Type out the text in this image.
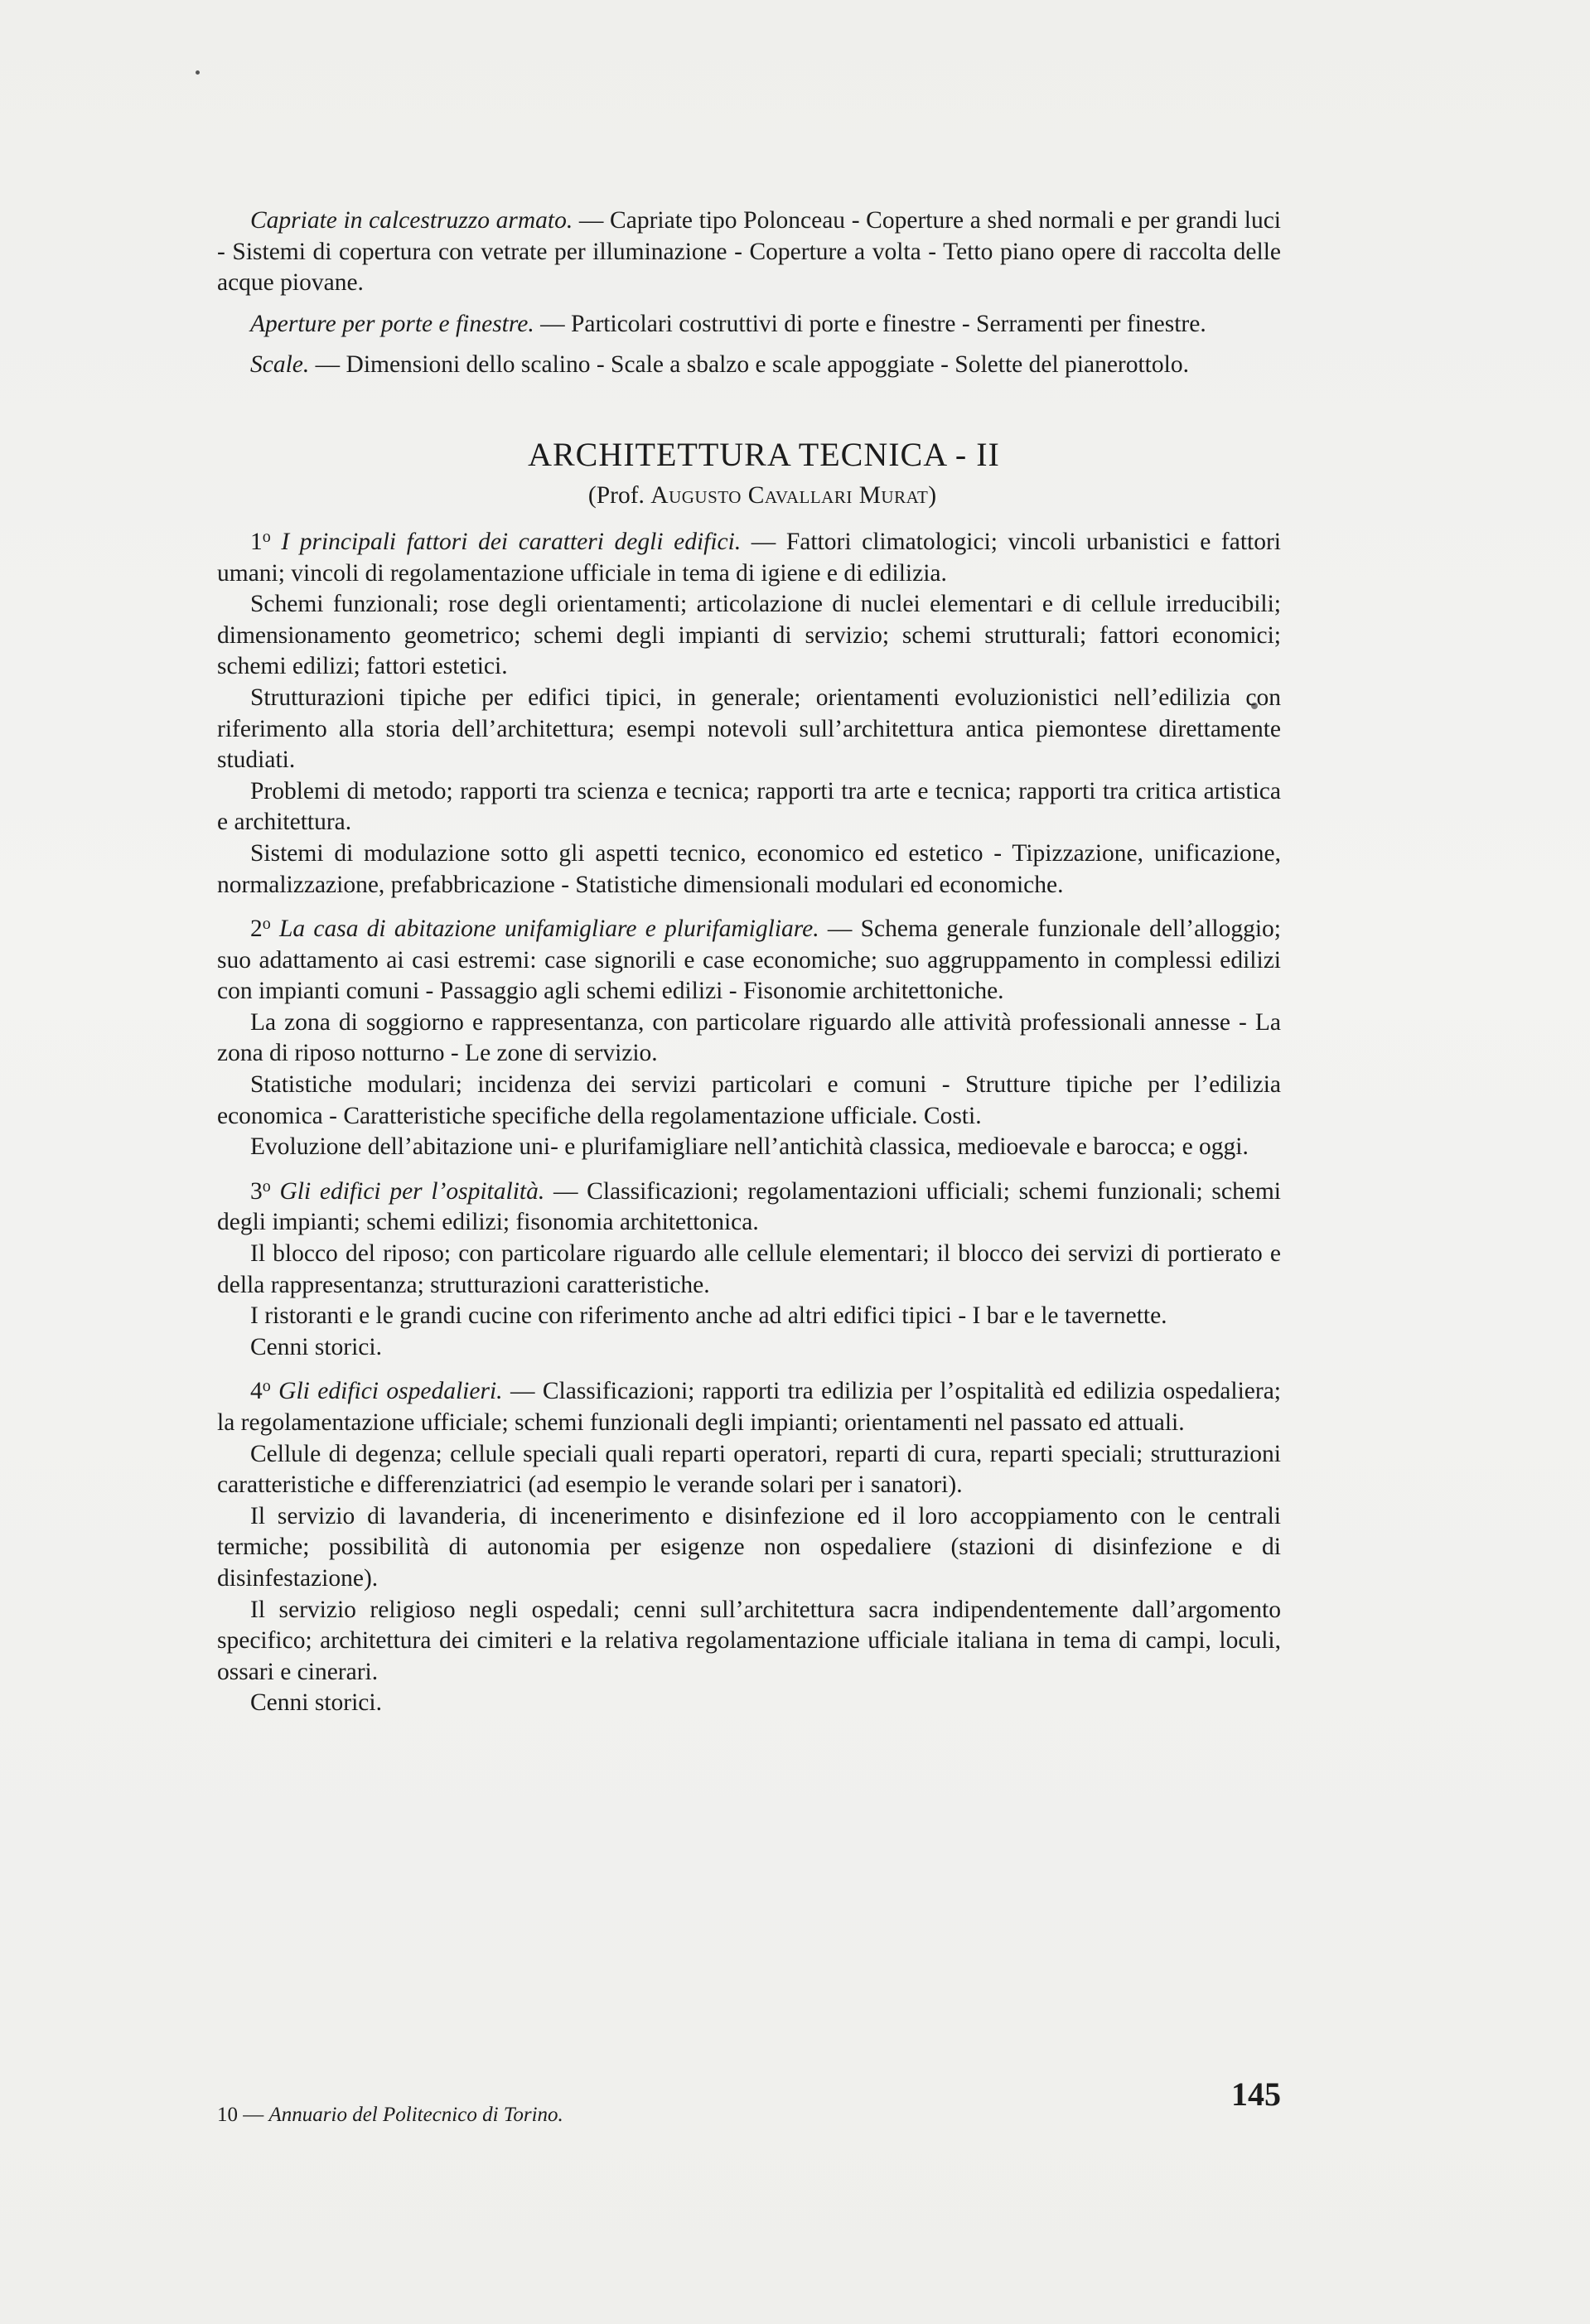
Capriate in calcestruzzo armato. — Capriate tipo Polonceau - Coperture a shed normali e per grandi luci - Sistemi di copertura con vetrate per illuminazione - Coperture a volta - Tetto piano opere di raccolta delle acque piovane.

Aperture per porte e finestre. — Particolari costruttivi di porte e finestre - Serramenti per finestre.

Scale. — Dimensioni dello scalino - Scale a sbalzo e scale appoggiate - Solette del pianerottolo.

ARCHITETTURA TECNICA - II
(Prof. Augusto Cavallari Murat)

1$^o$ I principali fattori dei caratteri degli edifici. — Fattori climatologici; vincoli urbanistici e fattori umani; vincoli di regolamentazione ufficiale in tema di igiene e di edilizia.

Schemi funzionali; rose degli orientamenti; articolazione di nuclei elementari e di cellule irreducibili; dimensionamento geometrico; schemi degli impianti di servizio; schemi strutturali; fattori economici; schemi edilizi; fattori estetici.

Strutturazioni tipiche per edifici tipici, in generale; orientamenti evoluzionistici nell’edilizia con riferimento alla storia dell’architettura; esempi notevoli sull’architettura antica piemontese direttamente studiati.

Problemi di metodo; rapporti tra scienza e tecnica; rapporti tra arte e tecnica; rapporti tra critica artistica e architettura.

Sistemi di modulazione sotto gli aspetti tecnico, economico ed estetico - Tipizzazione, unificazione, normalizzazione, prefabbricazione - Statistiche dimensionali modulari ed economiche.

2$^o$ La casa di abitazione unifamigliare e plurifamigliare. — Schema generale funzionale dell’alloggio; suo adattamento ai casi estremi: case signorili e case economiche; suo aggruppamento in complessi edilizi con impianti comuni - Passaggio agli schemi edilizi - Fisonomie architettoniche.

La zona di soggiorno e rappresentanza, con particolare riguardo alle attività professionali annesse - La zona di riposo notturno - Le zone di servizio.

Statistiche modulari; incidenza dei servizi particolari e comuni - Strutture tipiche per l’edilizia economica - Caratteristiche specifiche della regolamentazione ufficiale. Costi.

Evoluzione dell’abitazione uni- e plurifamigliare nell’antichità classica, medioevale e barocca; e oggi.

3$^o$ Gli edifici per l’ospitalità. — Classificazioni; regolamentazioni ufficiali; schemi funzionali; schemi degli impianti; schemi edilizi; fisonomia architettonica.

Il blocco del riposo; con particolare riguardo alle cellule elementari; il blocco dei servizi di portierato e della rappresentanza; strutturazioni caratteristiche.

I ristoranti e le grandi cucine con riferimento anche ad altri edifici tipici - I bar e le tavernette.

Cenni storici.

4$^o$ Gli edifici ospedalieri. — Classificazioni; rapporti tra edilizia per l’ospitalità ed edilizia ospedaliera; la regolamentazione ufficiale; schemi funzionali degli impianti; orientamenti nel passato ed attuali.

Cellule di degenza; cellule speciali quali reparti operatori, reparti di cura, reparti speciali; strutturazioni caratteristiche e differenziatrici (ad esempio le verande solari per i sanatori).

Il servizio di lavanderia, di incenerimento e disinfezione ed il loro accoppiamento con le centrali termiche; possibilità di autonomia per esigenze non ospedaliere (stazioni di disinfezione e di disinfestazione).

Il servizio religioso negli ospedali; cenni sull’architettura sacra indipendentemente dall’argomento specifico; architettura dei cimiteri e la relativa regolamentazione ufficiale italiana in tema di campi, loculi, ossari e cinerari.

Cenni storici.

10 — Annuario del Politecnico di Torino.
145
